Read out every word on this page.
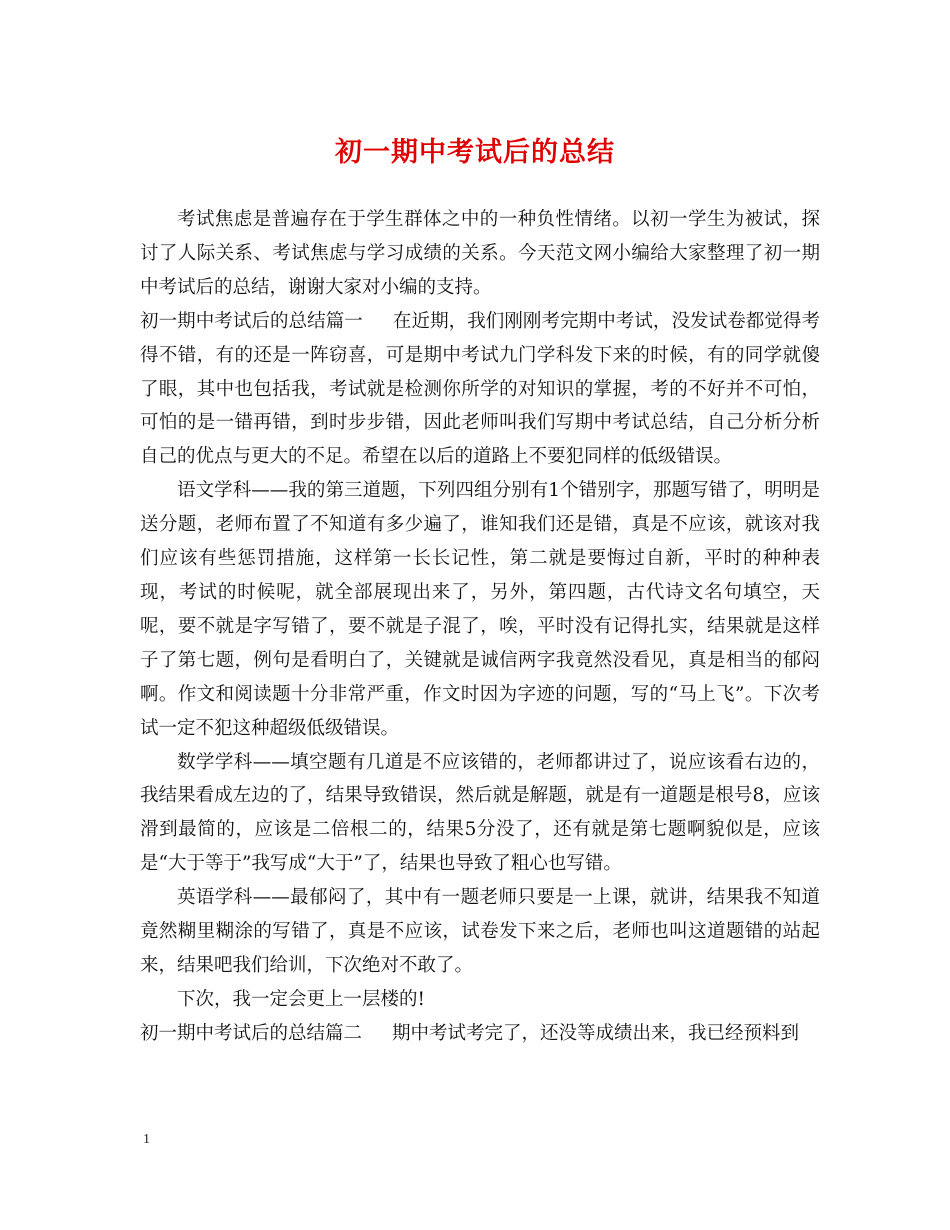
初一期中考试后的总结

考试焦虑是普遍存在于学生群体之中的一种负性情绪。以初一学生为被试，探讨了人际关系、考试焦虑与学习成绩的关系。今天范文网小编给大家整理了初一期中考试后的总结，谢谢大家对小编的支持。

初一期中考试后的总结篇一 在近期，我们刚刚考完期中考试，没发试卷都觉得考得不错，有的还是一阵窃喜，可是期中考试九门学科发下来的时候，有的同学就傻了眼，其中也包括我，考试就是检测你所学的对知识的掌握，考的不好并不可怕，可怕的是一错再错，到时步步错，因此老师叫我们写期中考试总结，自己分析分析自己的优点与更大的不足。希望在以后的道路上不要犯同样的低级错误。

语文学科——我的第三道题，下列四组分别有1个错别字，那题写错了，明明是送分题，老师布置了不知道有多少遍了，谁知我们还是错，真是不应该，就该对我们应该有些惩罚措施，这样第一长长记性，第二就是要悔过自新，平时的种种表现，考试的时候呢，就全部展现出来了，另外，第四题，古代诗文名句填空，天呢，要不就是字写错了，要不就是子混了，唉，平时没有记得扎实，结果就是这样子了第七题，例句是看明白了，关键就是诚信两字我竟然没看见，真是相当的郁闷啊。作文和阅读题十分非常严重，作文时因为字迹的问题，写的“马上飞”。下次考试一定不犯这种超级低级错误。

数学学科——填空题有几道是不应该错的，老师都讲过了，说应该看右边的，我结果看成左边的了，结果导致错误，然后就是解题，就是有一道题是根号8，应该滑到最简的，应该是二倍根二的，结果5分没了，还有就是第七题啊貌似是，应该是“大于等于”我写成“大于”了，结果也导致了粗心也写错。

英语学科——最郁闷了，其中有一题老师只要是一上课，就讲，结果我不知道竟然糊里糊涂的写错了，真是不应该，试卷发下来之后，老师也叫这道题错的站起来，结果吧我们给训，下次绝对不敢了。

下次，我一定会更上一层楼的!

初一期中考试后的总结篇二 期中考试考完了，还没等成绩出来，我已经预料到

1
